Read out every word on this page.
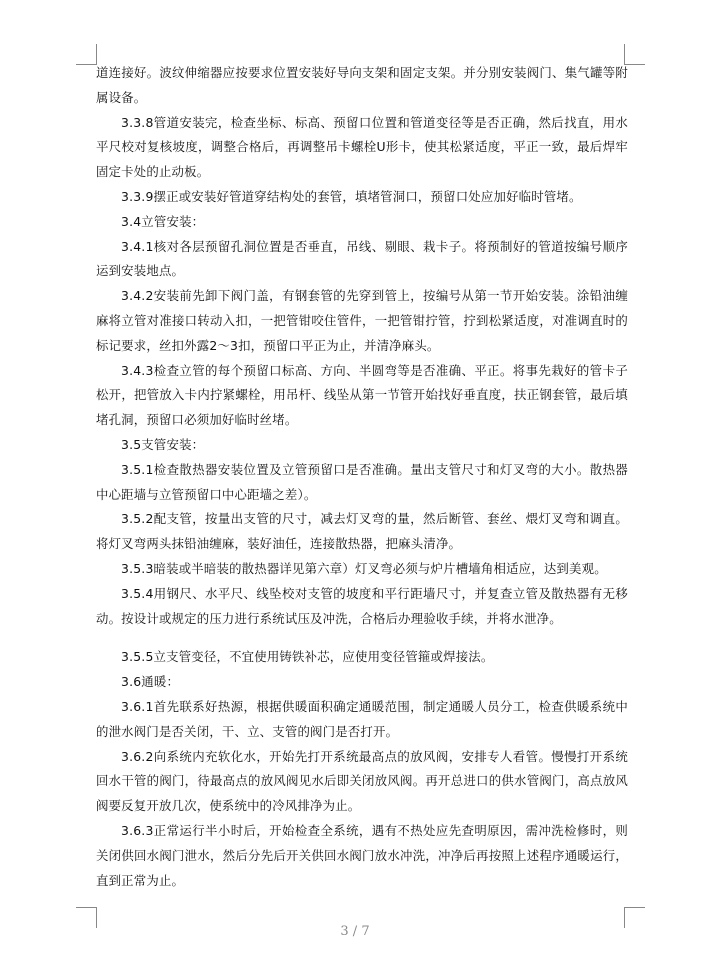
道连接好。波纹伸缩器应按要求位置安装好导向支架和固定支架。并分别安装阀门、集气罐等附属设备。

3.3.8管道安装完，检查坐标、标高、预留口位置和管道变径等是否正确，然后找直，用水平尺校对复核坡度，调整合格后，再调整吊卡螺栓U形卡，使其松紧适度，平正一致，最后焊牢固定卡处的止动板。

3.3.9摆正或安装好管道穿结构处的套管，填堵管洞口，预留口处应加好临时管堵。

3.4立管安装：

3.4.1核对各层预留孔洞位置是否垂直，吊线、剔眼、栽卡子。将预制好的管道按编号顺序运到安装地点。

3.4.2安装前先卸下阀门盖，有钢套管的先穿到管上，按编号从第一节开始安装。涂铅油缠麻将立管对准接口转动入扣，一把管钳咬住管件，一把管钳拧管，拧到松紧适度，对准调直时的标记要求，丝扣外露2～3扣，预留口平正为止，并清净麻头。

3.4.3检查立管的每个预留口标高、方向、半圆弯等是否准确、平正。将事先栽好的管卡子松开，把管放入卡内拧紧螺栓，用吊杆、线坠从第一节管开始找好垂直度，扶正钢套管，最后填堵孔洞，预留口必须加好临时丝堵。

3.5支管安装：

3.5.1检查散热器安装位置及立管预留口是否准确。量出支管尺寸和灯叉弯的大小。散热器中心距墙与立管预留口中心距墙之差）。

3.5.2配支管，按量出支管的尺寸，减去灯叉弯的量，然后断管、套丝、煨灯叉弯和调直。将灯叉弯两头抹铅油缠麻，装好油任，连接散热器，把麻头清净。

3.5.3暗装或半暗装的散热器详见第六章）灯叉弯必须与炉片槽墙角相适应，达到美观。

3.5.4用钢尺、水平尺、线坠校对支管的坡度和平行距墙尺寸，并复查立管及散热器有无移动。按设计或规定的压力进行系统试压及冲洗，合格后办理验收手续，并将水泄净。

3.5.5立支管变径，不宜使用铸铁补芯，应使用变径管箍或焊接法。

3.6通暖：

3.6.1首先联系好热源，根据供暖面积确定通暖范围，制定通暖人员分工，检查供暖系统中的泄水阀门是否关闭，干、立、支管的阀门是否打开。

3.6.2向系统内充软化水，开始先打开系统最高点的放风阀，安排专人看管。慢慢打开系统回水干管的阀门，待最高点的放风阀见水后即关闭放风阀。再开总进口的供水管阀门，高点放风阀要反复开放几次，使系统中的冷风排净为止。

3.6.3正常运行半小时后，开始检查全系统，遇有不热处应先查明原因，需冲洗检修时，则关闭供回水阀门泄水，然后分先后开关供回水阀门放水冲洗，冲净后再按照上述程序通暖运行，直到正常为止。

3 / 7
